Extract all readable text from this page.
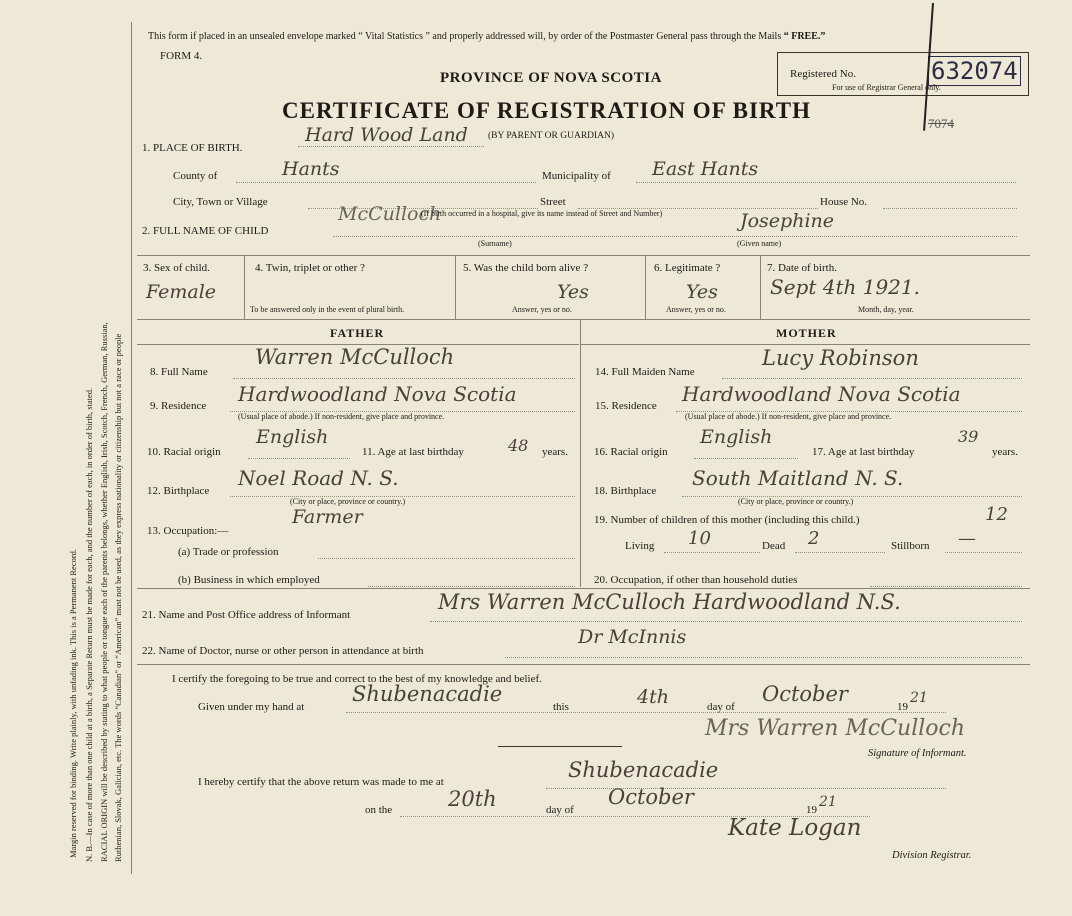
Margin reserved for binding. Write plainly, with unfading ink. This is a Permanent Record. N. B.—In case of more than one child at a birth, a Separate Return must be made for each, and the number of each, in order of birth, stated. RACIAL ORIGIN will be described by stating to what people or tongue each of the parents belongs, whether English, Irish, Scotch, French, German, Russian, Ruthenian, Slovak, Galician, etc. The words “Canadian” or “American” must not be used, as they express nationality or citizenship but not a race or people
This form if placed in an unsealed envelope marked “ Vital Statistics ” and properly addressed will, by order of the Postmaster General pass through the Mails “ FREE.”
FORM 4.
PROVINCE OF NOVA SCOTIA
CERTIFICATE OF REGISTRATION OF BIRTH
Registered No.	632074
For use of Registrar General only.
7074
1. PLACE OF BIRTH.
Hard Wood Land (BY PARENT OR GUARDIAN)
County of	Hants	Municipality of East Hants
City, Town or Village	Street	House No.
2. FULL NAME OF CHILD
McCulloch
(If birth occurred in a hospital, give its name instead of Street and Number)	Josephine
(Surname)	(Given name)
3. Sex of child.
Female
4. Twin, triplet or other ?
To be answered only in the event of plural birth.
5. Was the child born alive ?
Yes
Answer, yes or no.
6. Legitimate ?
Yes
Answer, yes or no.
7. Date of birth.
Sept 4th 1921.
Month, day, year.
FATHER	MOTHER
8. Full Name
Warren McCulloch
9. Residence Hardwoodland Nova Scotia
(Usual place of abode.) If non-resident, give place and province.
10. Racial origin
English
11. Age at last birthday	48 years.
12. Birthplace
Noel Road N. S.
(City or place, province or country.)
13. Occupation:—
Farmer
(a) Trade or profession
(b) Business in which employed
14. Full Maiden Name
Lucy Robinson
15. Residence Hardwoodland Nova Scotia
(Usual place of abode.) If non-resident, give place and province.
16. Racial origin
English
17. Age at last birthday
39
years.
18. Birthplace
South Maitland N. S.
(City or place, province or country.)
19. Number of children of this mother (including this child.)	12
Living 10	Dead 2	Stillborn —
20. Occupation, if other than household duties
21. Name and Post Office address of Informant
Mrs Warren McCulloch Hardwoodland N.S.
22. Name of Doctor, nurse or other person in attendance at birth
Dr McInnis
I certify the foregoing to be true and correct to the best of my knowledge and belief.
Given under my hand at
Shubenacadie
this	4th	day of
October
19
21
Mrs Warren McCulloch
Signature of Informant.
I hereby certify that the above return was made to me at	Shubenacadie
on the	20th	day of
October
19 21
Kate Logan
Division Registrar.
